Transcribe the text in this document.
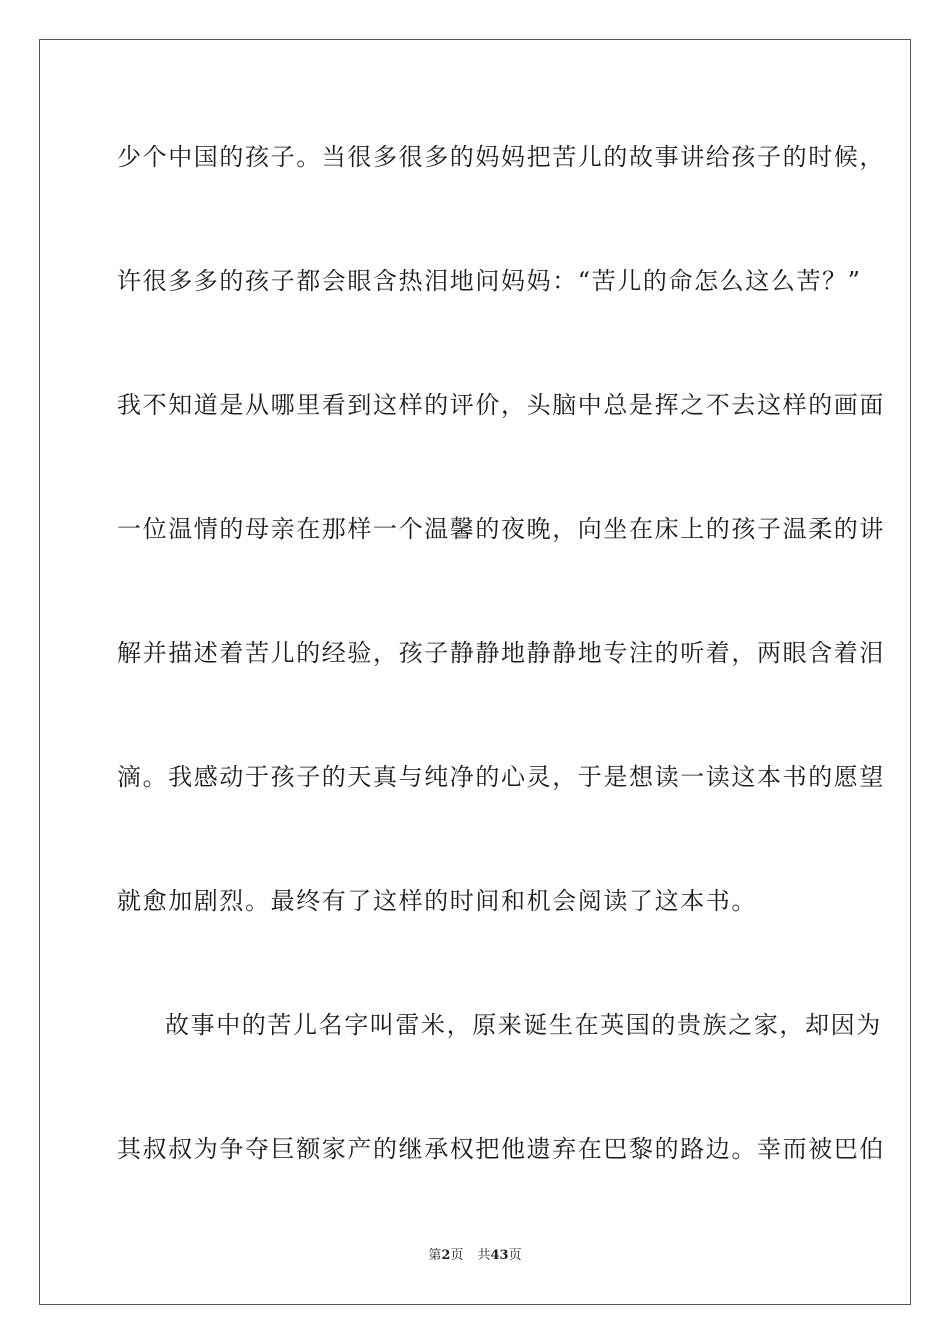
少个中国的孩子。当很多很多的妈妈把苦儿的故事讲给孩子的时候，
许很多多的孩子都会眼含热泪地问妈妈：“苦儿的命怎么这么苦？”
我不知道是从哪里看到这样的评价，头脑中总是挥之不去这样的画面
一位温情的母亲在那样一个温馨的夜晚，向坐在床上的孩子温柔的讲
解并描述着苦儿的经验，孩子静静地静静地专注的听着，两眼含着泪
滴。我感动于孩子的天真与纯净的心灵，于是想读一读这本书的愿望
就愈加剧烈。最终有了这样的时间和机会阅读了这本书。
故事中的苦儿名字叫雷米，原来诞生在英国的贵族之家，却因为
其叔叔为争夺巨额家产的继承权把他遗弃在巴黎的路边。幸而被巴伯
第2页 共43页
